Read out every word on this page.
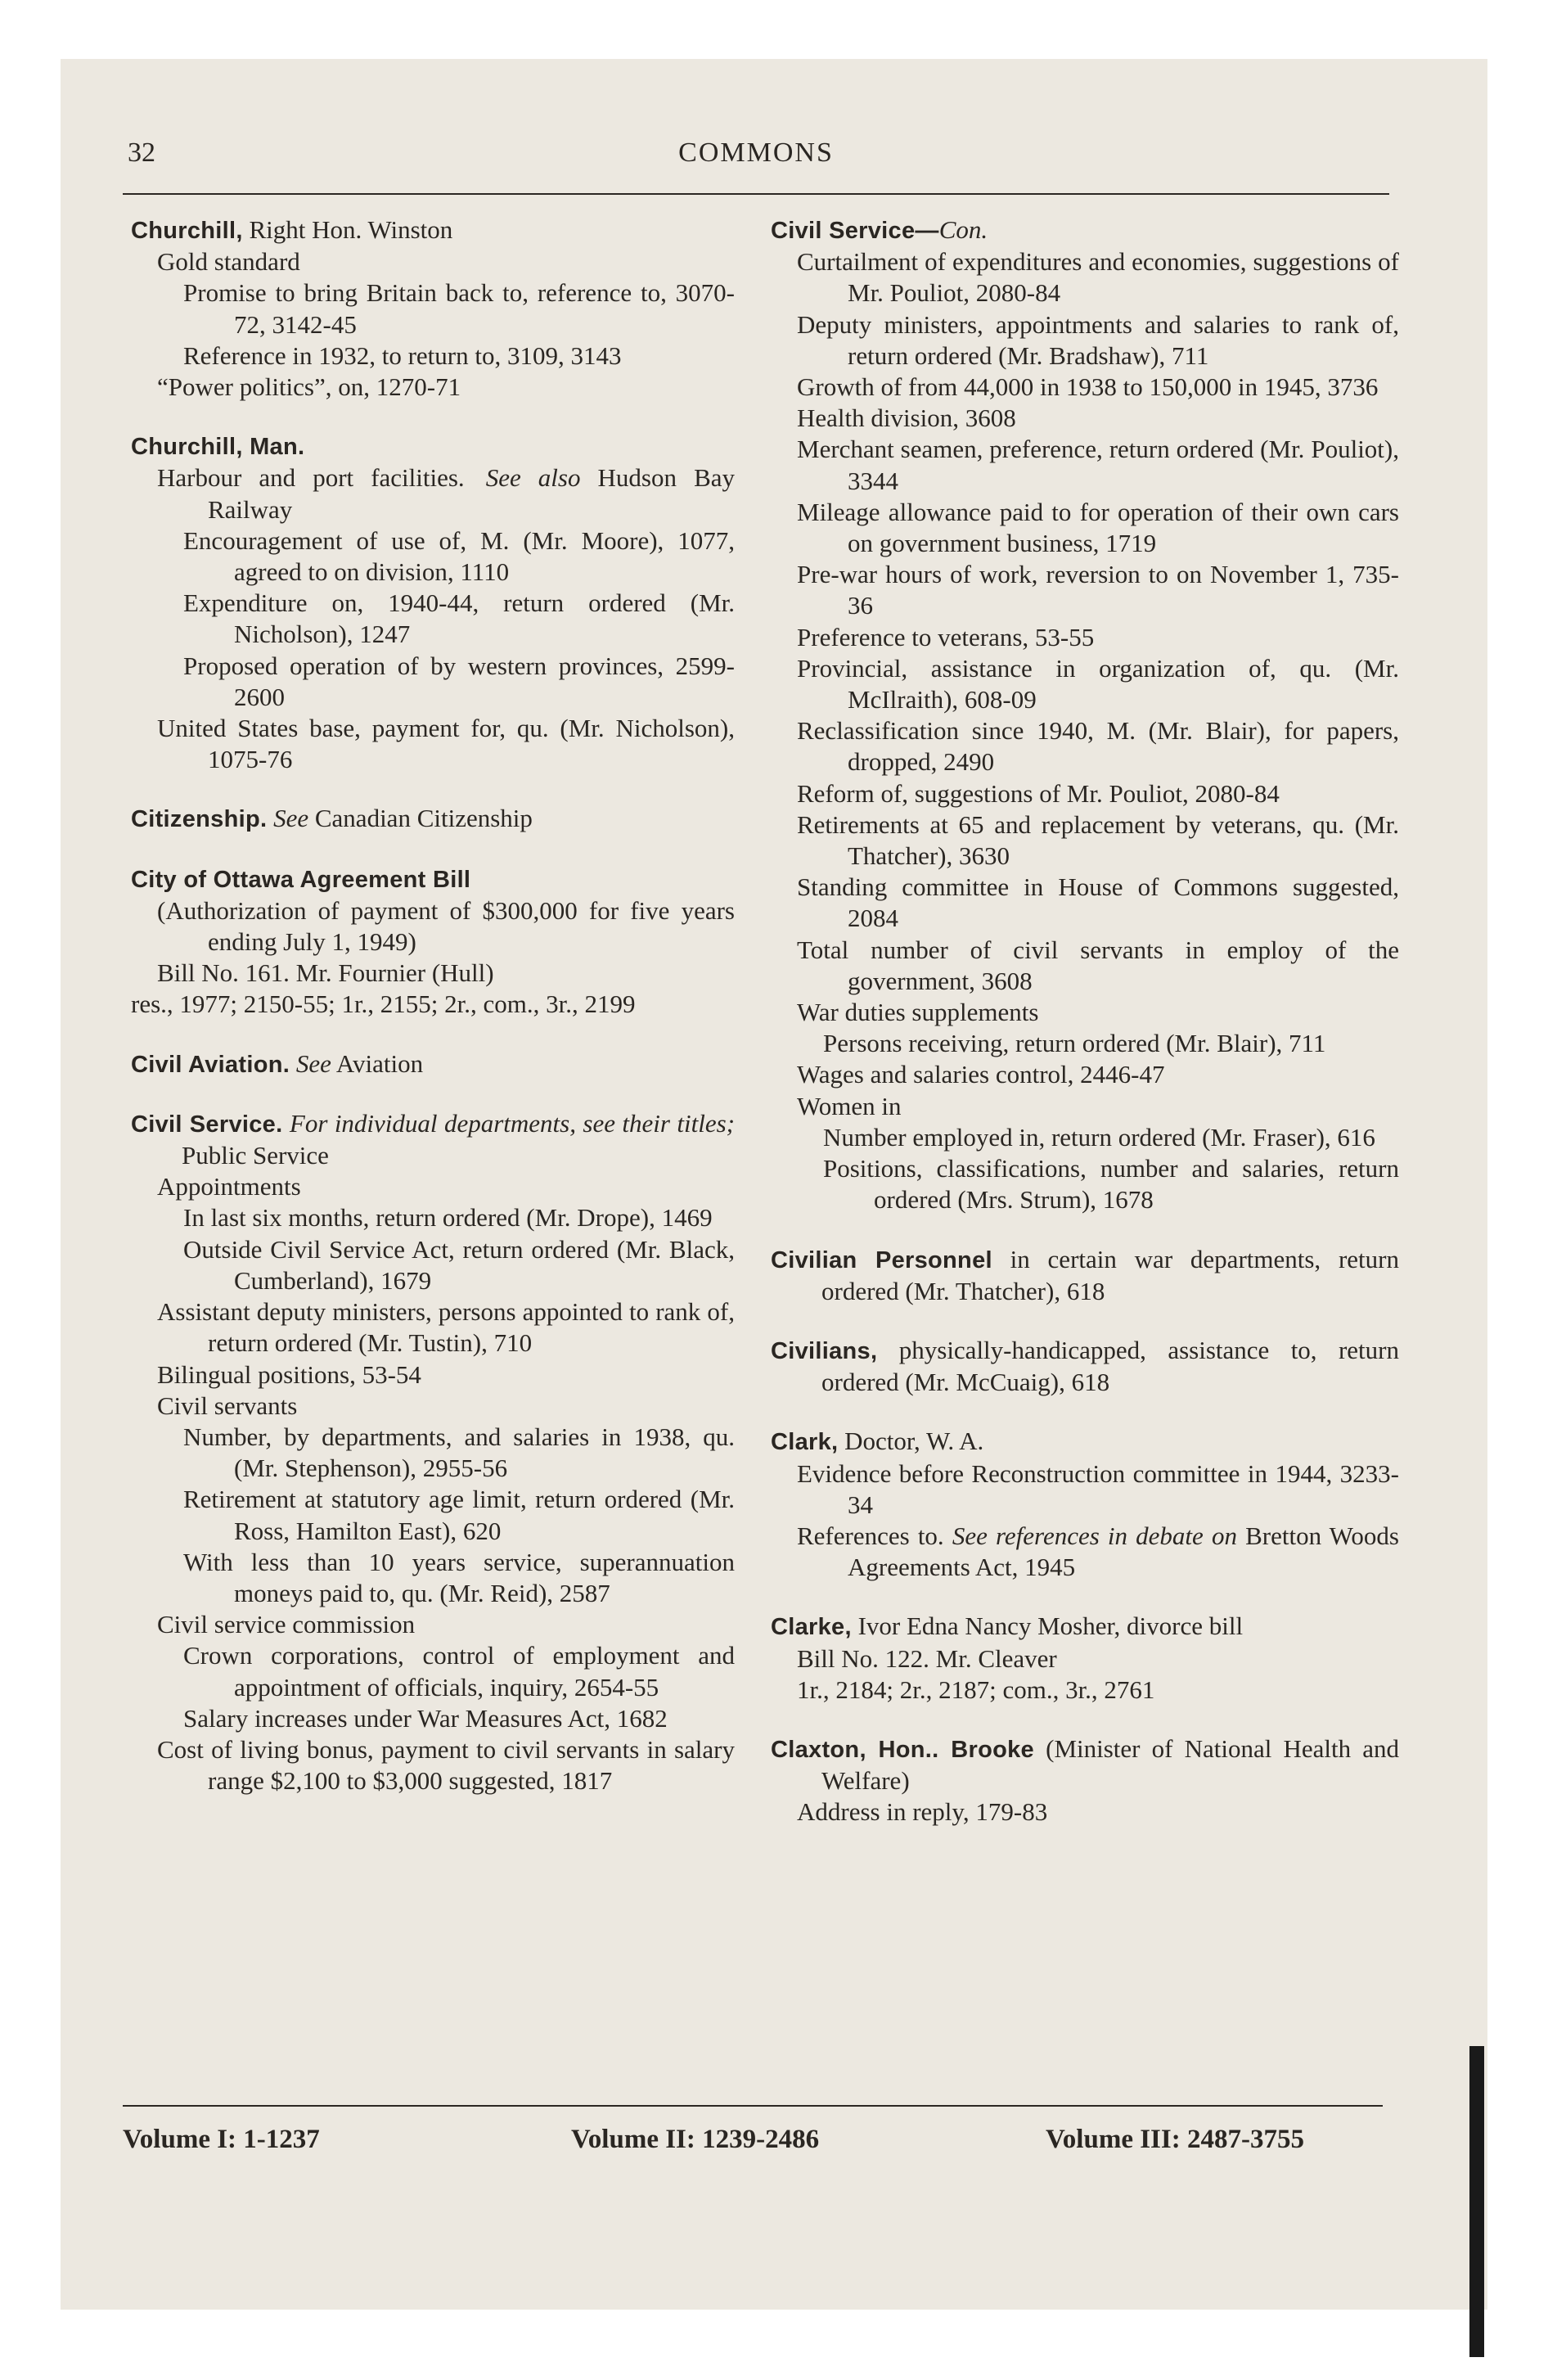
32	COMMONS
Churchill, Right Hon. Winston
Gold standard
Promise to bring Britain back to, reference to, 3070-72, 3142-45
Reference in 1932, to return to, 3109, 3143
“Power politics”, on, 1270-71
Churchill, Man.
Harbour and port facilities. See also Hudson Bay Railway
Encouragement of use of, M. (Mr. Moore), 1077, agreed to on division, 1110
Expenditure on, 1940-44, return ordered (Mr. Nicholson), 1247
Proposed operation of by western provinces, 2599-2600
United States base, payment for, qu. (Mr. Nicholson), 1075-76
Citizenship. See Canadian Citizenship
City of Ottawa Agreement Bill
(Authorization of payment of $300,000 for five years ending July 1, 1949)
Bill No. 161. Mr. Fournier (Hull)
res., 1977; 2150-55; 1r., 2155; 2r., com., 3r., 2199
Civil Aviation. See Aviation
Civil Service. For individual departments, see their titles; Public Service
Appointments
In last six months, return ordered (Mr. Drope), 1469
Outside Civil Service Act, return ordered (Mr. Black, Cumberland), 1679
Assistant deputy ministers, persons appointed to rank of, return ordered (Mr. Tustin), 710
Bilingual positions, 53-54
Civil servants
Number, by departments, and salaries in 1938, qu. (Mr. Stephenson), 2955-56
Retirement at statutory age limit, return ordered (Mr. Ross, Hamilton East), 620
With less than 10 years service, superannuation moneys paid to, qu. (Mr. Reid), 2587
Civil service commission
Crown corporations, control of employment and appointment of officials, inquiry, 2654-55
Salary increases under War Measures Act, 1682
Cost of living bonus, payment to civil servants in salary range $2,100 to $3,000 suggested, 1817
Civil Service—Con.
Curtailment of expenditures and economies, suggestions of Mr. Pouliot, 2080-84
Deputy ministers, appointments and salaries to rank of, return ordered (Mr. Bradshaw), 711
Growth of from 44,000 in 1938 to 150,000 in 1945, 3736
Health division, 3608
Merchant seamen, preference, return ordered (Mr. Pouliot), 3344
Mileage allowance paid to for operation of their own cars on government business, 1719
Pre-war hours of work, reversion to on November 1, 735-36
Preference to veterans, 53-55
Provincial, assistance in organization of, qu. (Mr. McIlraith), 608-09
Reclassification since 1940, M. (Mr. Blair), for papers, dropped, 2490
Reform of, suggestions of Mr. Pouliot, 2080-84
Retirements at 65 and replacement by veterans, qu. (Mr. Thatcher), 3630
Standing committee in House of Commons suggested, 2084
Total number of civil servants in employ of the government, 3608
War duties supplements
Persons receiving, return ordered (Mr. Blair), 711
Wages and salaries control, 2446-47
Women in
Number employed in, return ordered (Mr. Fraser), 616
Positions, classifications, number and salaries, return ordered (Mrs. Strum), 1678
Civilian Personnel in certain war departments, return ordered (Mr. Thatcher), 618
Civilians, physically-handicapped, assistance to, return ordered (Mr. McCuaig), 618
Clark, Doctor, W. A.
Evidence before Reconstruction committee in 1944, 3233-34
References to. See references in debate on Bretton Woods Agreements Act, 1945
Clarke, Ivor Edna Nancy Mosher, divorce bill
Bill No. 122. Mr. Cleaver
1r., 2184; 2r., 2187; com., 3r., 2761
Claxton, Hon.. Brooke (Minister of National Health and Welfare)
Address in reply, 179-83
Volume I: 1-1237	Volume II: 1239-2486	Volume III: 2487-3755
